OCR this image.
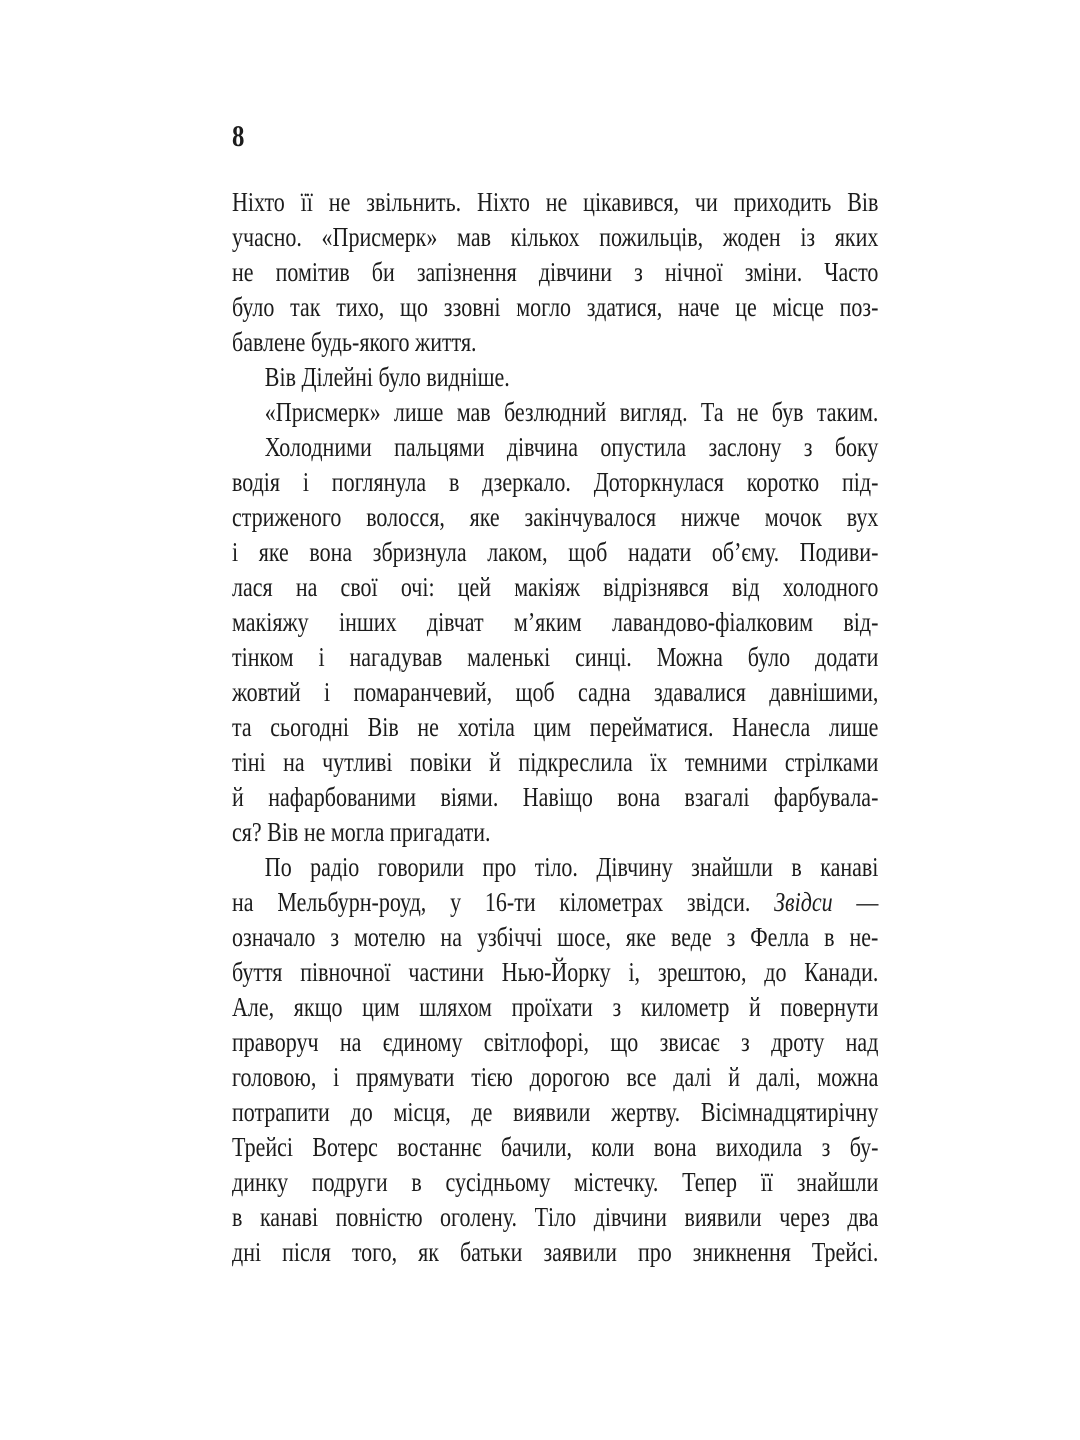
8
Ніхто її не звільнить. Ніхто не цікавився, чи приходить Вів
учасно. «Присмерк» мав кількох пожильців, жоден із яких
не помітив би запізнення дівчини з нічної зміни. Часто
було так тихо, що ззовні могло здатися, наче це місце поз-
бавлене будь-якого життя.
Вів Ділейні було видніше.
«Присмерк» лише мав безлюдний вигляд. Та не був таким.
Холодними пальцями дівчина опустила заслону з боку
водія і поглянула в дзеркало. Доторкнулася коротко під-
стриженого волосся, яке закінчувалося нижче мочок вух
і яке вона збризнула лаком, щоб надати об’єму. Подиви-
лася на свої очі: цей макіяж відрізнявся від холодного
макіяжу інших дівчат м’яким лавандово-фіалковим від-
тінком і нагадував маленькі синці. Можна було додати
жовтий і помаранчевий, щоб садна здавалися давнішими,
та сьогодні Вів не хотіла цим перейматися. Нанесла лише
тіні на чутливі повіки й підкреслила їх темними стрілками
й нафарбованими віями. Навіщо вона взагалі фарбувала-
ся? Вів не могла пригадати.
По радіо говорили про тіло. Дівчину знайшли в канаві
на Мельбурн-роуд, у 16-ти кілометрах звідси. Звідси —
означало з мотелю на узбіччі шосе, яке веде з Фелла в не-
буття півночної частини Нью-Йорку і, зрештою, до Канади.
Але, якщо цим шляхом проїхати з километр й повернути
праворуч на єдиному світлофорі, що звисає з дроту над
головою, і прямувати тією дорогою все далі й далі, можна
потрапити до місця, де виявили жертву. Вісімнадцятирічну
Трейсі Вотерс востаннє бачили, коли вона виходила з бу-
динку подруги в сусідньому містечку. Тепер її знайшли
в канаві повністю оголену. Тіло дівчини виявили через два
дні після того, як батьки заявили про зникнення Трейсі.
